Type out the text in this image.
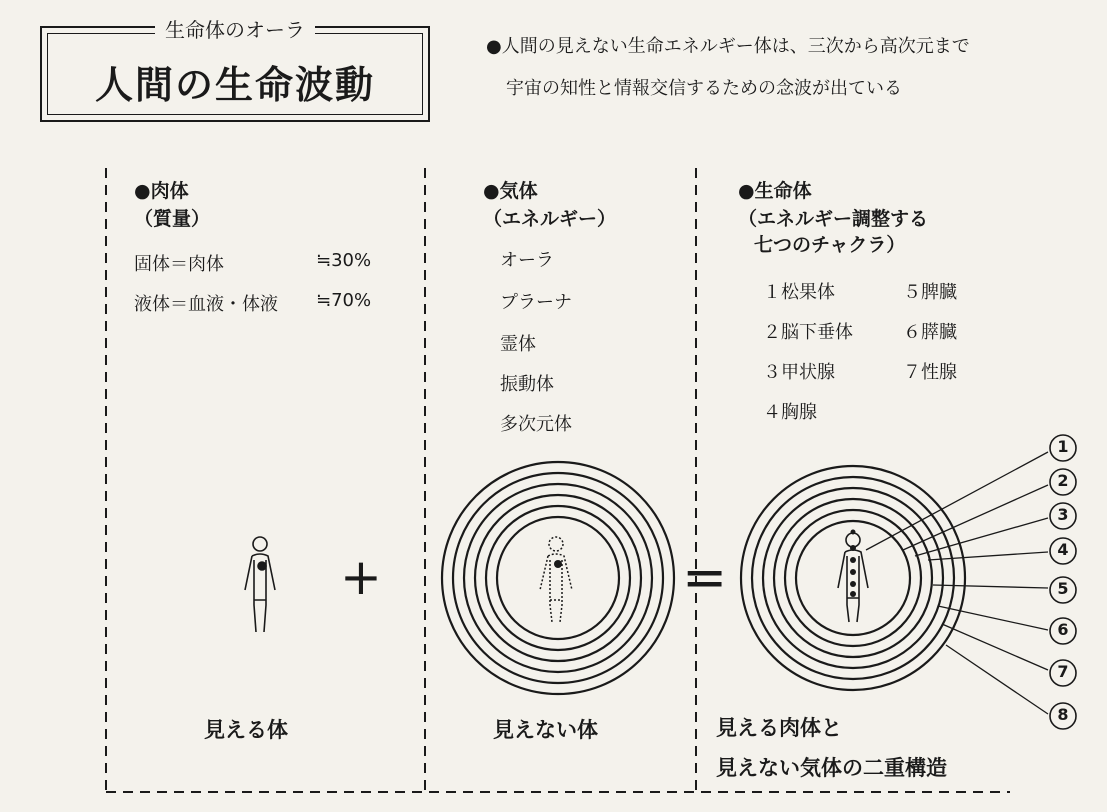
生命体のオーラ
人間の生命波動
●人間の見えない生命エネルギー体は、三次から高次元まで
宇宙の知性と情報交信するための念波が出ている
1
2
3
4
5
6
7
8
●肉体
（質量）
固体＝肉体	≒30%
液体＝血液・体液 ≒70%
見える体
+	=
●気体
（エネルギー）
オーラ
プラーナ
霊体
振動体
多次元体
見えない体
●生命体
（エネルギー調整する
七つのチャクラ）
１松果体
２脳下垂体
３甲状腺
４胸腺
５脾臓
６膵臓
７性腺
見える肉体と
見えない気体の二重構造
